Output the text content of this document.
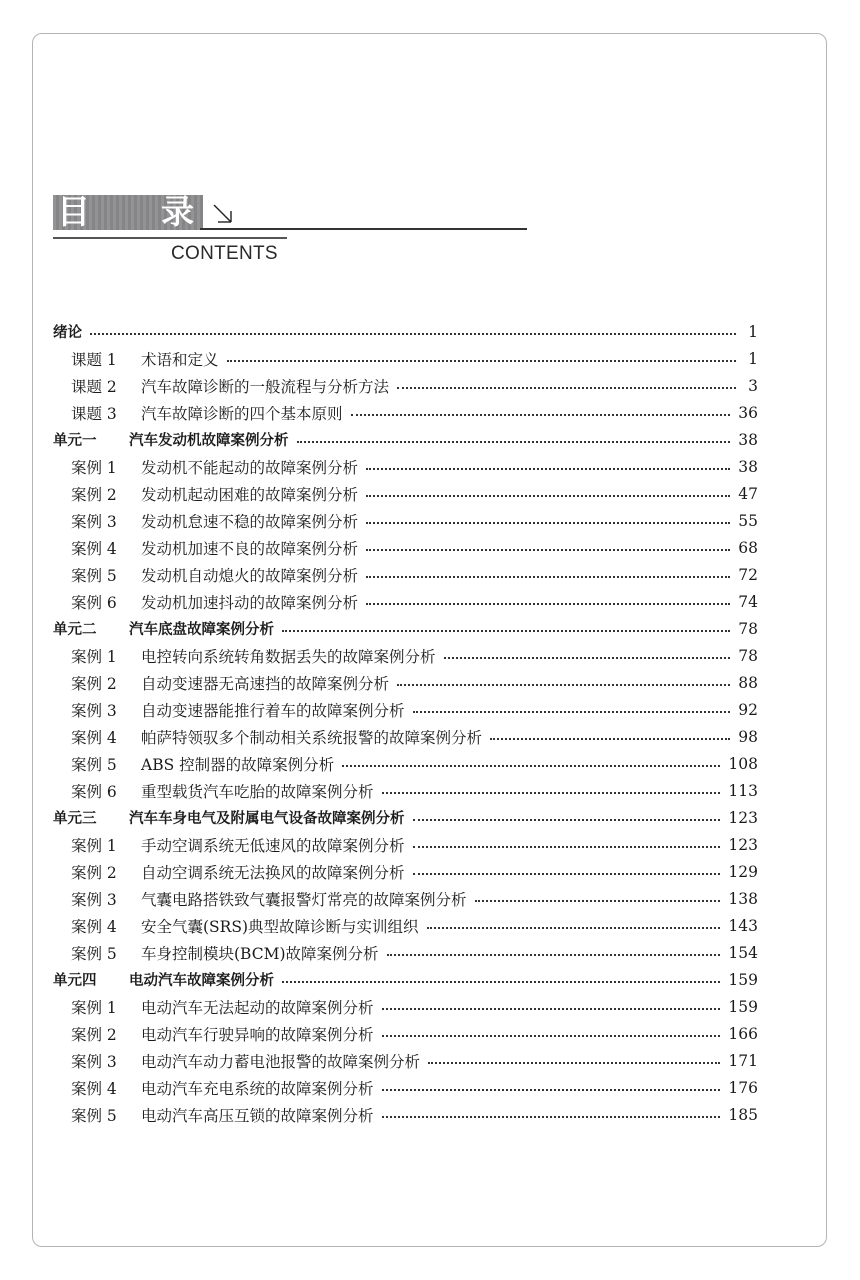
目 录
CONTENTS
绪论	1
课题 1 术语和定义	1
课题 2 汽车故障诊断的一般流程与分析方法	3
课题 3 汽车故障诊断的四个基本原则	36
单元一 汽车发动机故障案例分析	38
案例 1 发动机不能起动的故障案例分析	38
案例 2 发动机起动困难的故障案例分析	47
案例 3 发动机怠速不稳的故障案例分析	55
案例 4 发动机加速不良的故障案例分析	68
案例 5 发动机自动熄火的故障案例分析	72
案例 6 发动机加速抖动的故障案例分析	74
单元二 汽车底盘故障案例分析	78
案例 1 电控转向系统转角数据丢失的故障案例分析	78
案例 2 自动变速器无高速挡的故障案例分析	88
案例 3 自动变速器能推行着车的故障案例分析	92
案例 4 帕萨特领驭多个制动相关系统报警的故障案例分析	98
案例 5 ABS 控制器的故障案例分析	108
案例 6 重型载货汽车吃胎的故障案例分析	113
单元三 汽车车身电气及附属电气设备故障案例分析	123
案例 1 手动空调系统无低速风的故障案例分析	123
案例 2 自动空调系统无法换风的故障案例分析	129
案例 3 气囊电路搭铁致气囊报警灯常亮的故障案例分析	138
案例 4 安全气囊(SRS)典型故障诊断与实训组织	143
案例 5 车身控制模块(BCM)故障案例分析	154
单元四 电动汽车故障案例分析	159
案例 1 电动汽车无法起动的故障案例分析	159
案例 2 电动汽车行驶异响的故障案例分析	166
案例 3 电动汽车动力蓄电池报警的故障案例分析	171
案例 4 电动汽车充电系统的故障案例分析	176
案例 5 电动汽车高压互锁的故障案例分析	185
